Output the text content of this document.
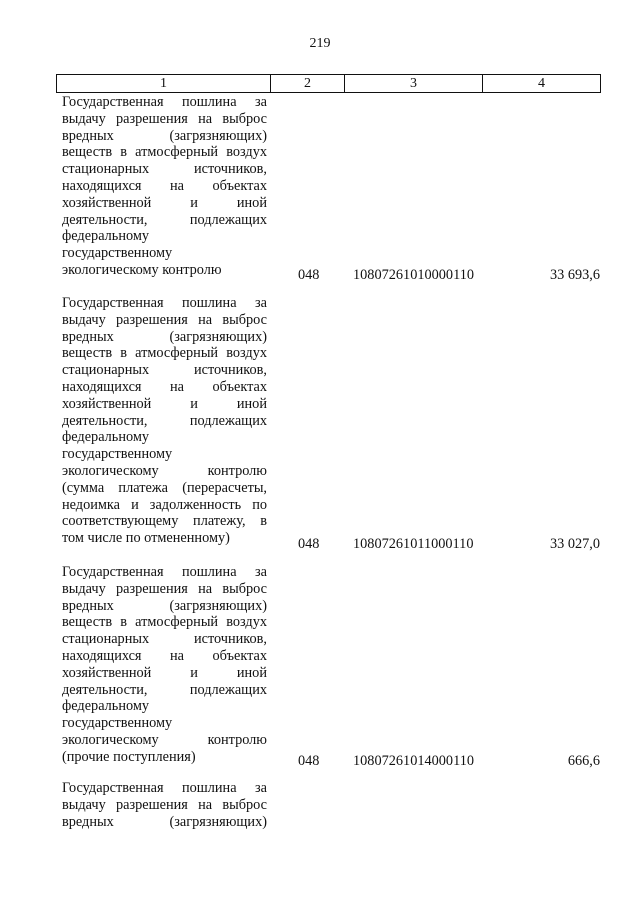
219
1	2	3	4
Государственная пошлина за
выдачу разрешения на выброс
вредных (загрязняющих)
веществ в атмосферный воздух
стационарных источников,
находящихся на объектах
хозяйственной и иной
деятельности, подлежащих
федеральному
государственному
экологическому контролю	048 10807261010000110	33 693,6
Государственная пошлина за
выдачу разрешения на выброс
вредных (загрязняющих)
веществ в атмосферный воздух
стационарных источников,
находящихся на объектах
хозяйственной и иной
деятельности, подлежащих
федеральному
государственному
экологическому контролю
(сумма платежа (перерасчеты,
недоимка и задолженность по
соответствующему платежу, в
том числе по отмененному)	048 10807261011000110	33 027,0
Государственная пошлина за
выдачу разрешения на выброс
вредных (загрязняющих)
веществ в атмосферный воздух
стационарных источников,
находящихся на объектах
хозяйственной и иной
деятельности, подлежащих
федеральному
государственному
экологическому контролю
(прочие поступления)	048 10807261014000110	666,6
Государственная пошлина за
выдачу разрешения на выброс
вредных (загрязняющих)
